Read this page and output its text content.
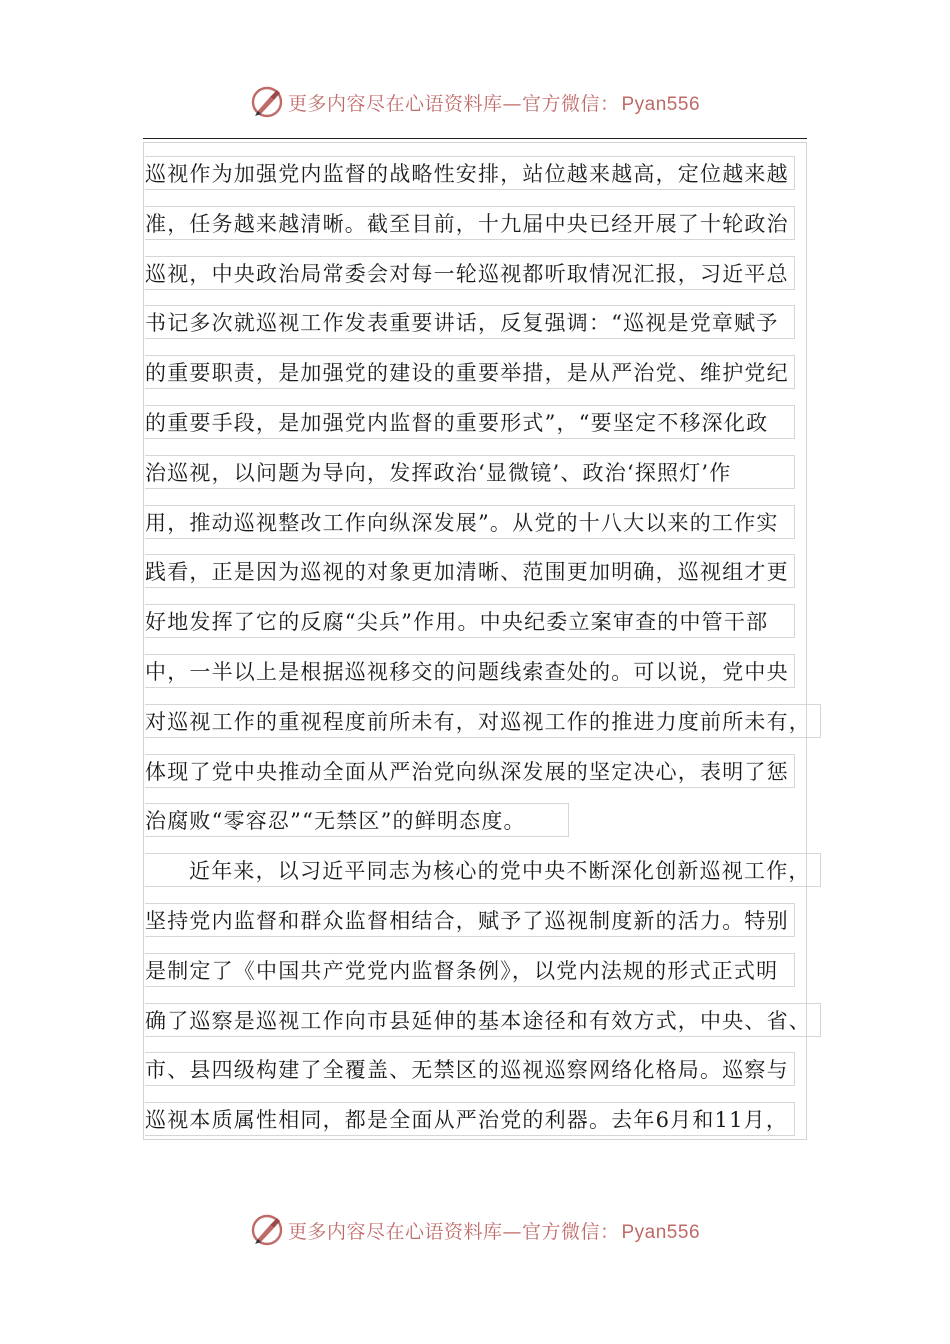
更多内容尽在心语资料库—官方微信： Pyan556
巡视作为加强党内监督的战略性安排，站位越来越高，定位越来越
准，任务越来越清晰。截至目前，十九届中央已经开展了十轮政治
巡视，中央政治局常委会对每一轮巡视都听取情况汇报，习近平总
书记多次就巡视工作发表重要讲话，反复强调：“巡视是党章赋予
的重要职责，是加强党的建设的重要举措，是从严治党、维护党纪
的重要手段，是加强党内监督的重要形式”，“要坚定不移深化政
治巡视，以问题为导向，发挥政治‘显微镜’、政治‘探照灯’作
用，推动巡视整改工作向纵深发展”。从党的十八大以来的工作实
践看，正是因为巡视的对象更加清晰、范围更加明确，巡视组才更
好地发挥了它的反腐“尖兵”作用。中央纪委立案审查的中管干部
中，一半以上是根据巡视移交的问题线索查处的。可以说，党中央
对巡视工作的重视程度前所未有，对巡视工作的推进力度前所未有，
体现了党中央推动全面从严治党向纵深发展的坚定决心，表明了惩
治腐败“零容忍”“无禁区”的鲜明态度。
近年来，以习近平同志为核心的党中央不断深化创新巡视工作，
坚持党内监督和群众监督相结合，赋予了巡视制度新的活力。特别
是制定了《中国共产党党内监督条例》，以党内法规的形式正式明
确了巡察是巡视工作向市县延伸的基本途径和有效方式，中央、省、
市、县四级构建了全覆盖、无禁区的巡视巡察网络化格局。巡察与
巡视本质属性相同，都是全面从严治党的利器。去年6月和11月，
更多内容尽在心语资料库—官方微信： Pyan556
